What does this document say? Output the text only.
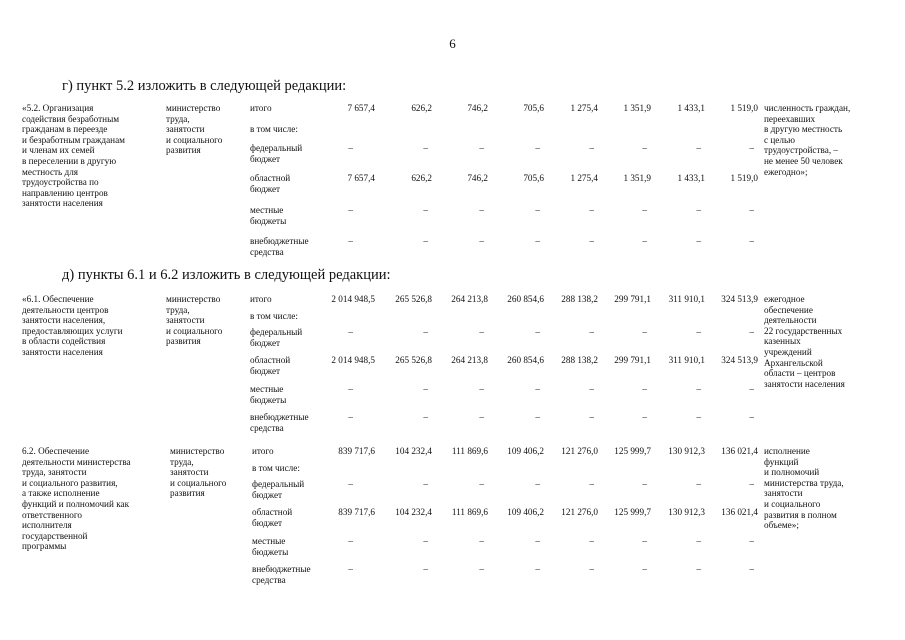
6
г) пункт 5.2 изложить в следующей редакции:
д) пункты 6.1 и 6.2 изложить в следующей редакции:
«5.2. Организация
содействия безработным
гражданам в переезде
и безработным гражданам
и членам их семей
в переселении в другую
местность для
трудоустройства по
направлению центров
занятости населения
министерство
труда,
занятости
и социального
развития
численность граждан,
переехавших
в другую местность
с целью
трудоустройства, –
не менее 50 человек
ежегодно»;
итого
в том числе:
федеральный
бюджет
областной
бюджет
местные
бюджеты
внебюджетные
средства
7 657,4
7 657,4
–
–
–
626,2
626,2
–
–
–
746,2
746,2
–
–
–
705,6
705,6
–
–
–
1 275,4
1 275,4
–
–
–
1 351,9
1 351,9
–
–
–
1 433,1
1 433,1
–
–
–
1 519,0
1 519,0
–
–
–
«6.1. Обеспечение
деятельности центров
занятости населения,
предоставляющих услуги
в области содействия
занятости населения
министерство
труда,
занятости
и социального
развития
ежегодное
обеспечение
деятельности
22 государственных
казенных
учреждений
Архангельской
области – центров
занятости населения
итого
в том числе:
федеральный
бюджет
областной
бюджет
местные
бюджеты
внебюджетные
средства
2 014 948,5
2 014 948,5
–
–
–
265 526,8
265 526,8
–
–
–
264 213,8
264 213,8
–
–
–
260 854,6
260 854,6
–
–
–
288 138,2
288 138,2
–
–
–
299 791,1
299 791,1
–
–
–
311 910,1
311 910,1
–
–
–
324 513,9
324 513,9
–
–
–
6.2. Обеспечение
деятельности министерства
труда, занятости
и социального развития,
а также исполнение
функций и полномочий как
ответственного
исполнителя
государственной
программы
министерство
труда,
занятости
и социального
развития
исполнение
функций
и полномочий
министерства труда,
занятости
и социального
развития в полном
объеме»;
итого
в том числе:
федеральный
бюджет
областной
бюджет
местные
бюджеты
внебюджетные
средства
839 717,6
839 717,6
–
–
–
104 232,4
104 232,4
–
–
–
111 869,6
111 869,6
–
–
–
109 406,2
109 406,2
–
–
–
121 276,0
121 276,0
–
–
–
125 999,7
125 999,7
–
–
–
130 912,3
130 912,3
–
–
–
136 021,4
136 021,4
–
–
–
